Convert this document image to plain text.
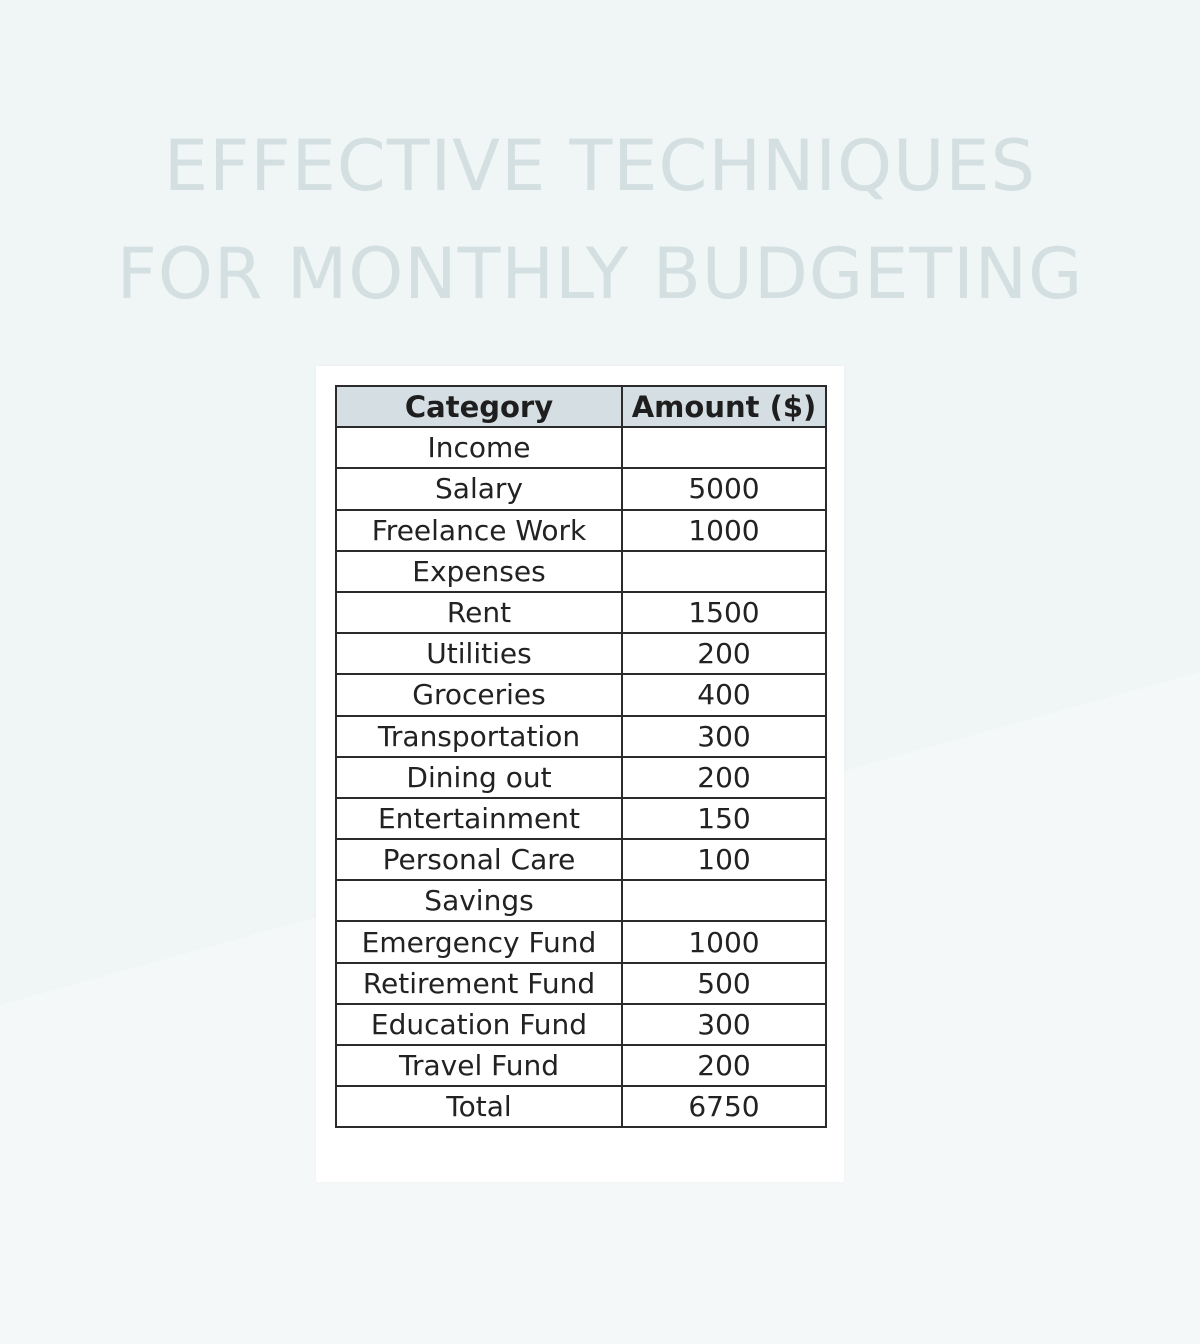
EFFECTIVE TECHNIQUES
FOR MONTHLY BUDGETING
Category	Amount ($)
Income	
Salary	5000
Freelance Work	1000
Expenses	
Rent	1500
Utilities	200
Groceries	400
Transportation	300
Dining out	200
Entertainment	150
Personal Care	100
Savings	
Emergency Fund	1000
Retirement Fund	500
Education Fund	300
Travel Fund	200
Total	6750
